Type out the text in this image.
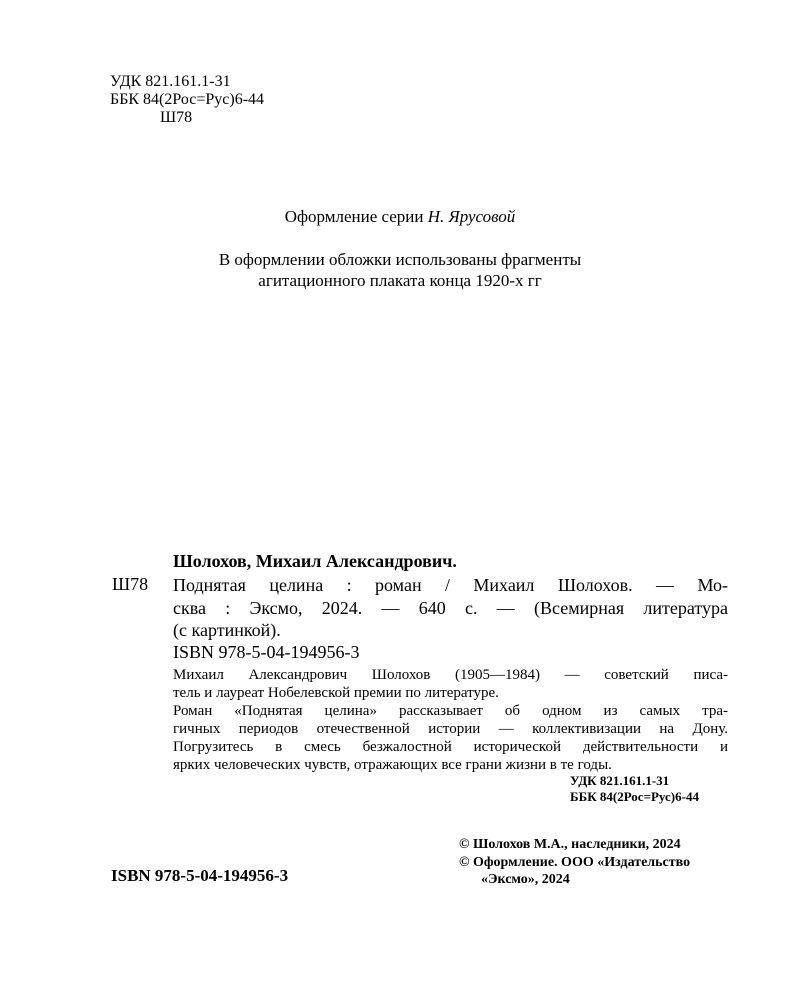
УДК 821.161.1-31
ББК 84(2Рос=Рус)6-44
Ш78
Оформление серии Н. Ярусовой
В оформлении обложки использованы фрагменты
агитационного плаката конца 1920-х гг
Шолохов, Михаил Александрович.
Ш78 Поднятая целина : роман / Михаил Шолохов. — Мо-
сква : Эксмо, 2024. — 640 с. — (Всемирная литература
(с картинкой).
ISBN 978-5-04-194956-3
Михаил Александрович Шолохов (1905—1984) — советский писа-
тель и лауреат Нобелевской премии по литературе.
Роман «Поднятая целина» рассказывает об одном из самых тра-
гичных периодов отечественной истории — коллективизации на Дону.
Погрузитесь в смесь безжалостной исторической действительности и
ярких человеческих чувств, отражающих все грани жизни в те годы.
УДК 821.161.1-31
ББК 84(2Рос=Рус)6-44
© Шолохов М.А., наследники, 2024
© Оформление. ООО «Издательство
«Эксмо», 2024
ISBN 978-5-04-194956-3
